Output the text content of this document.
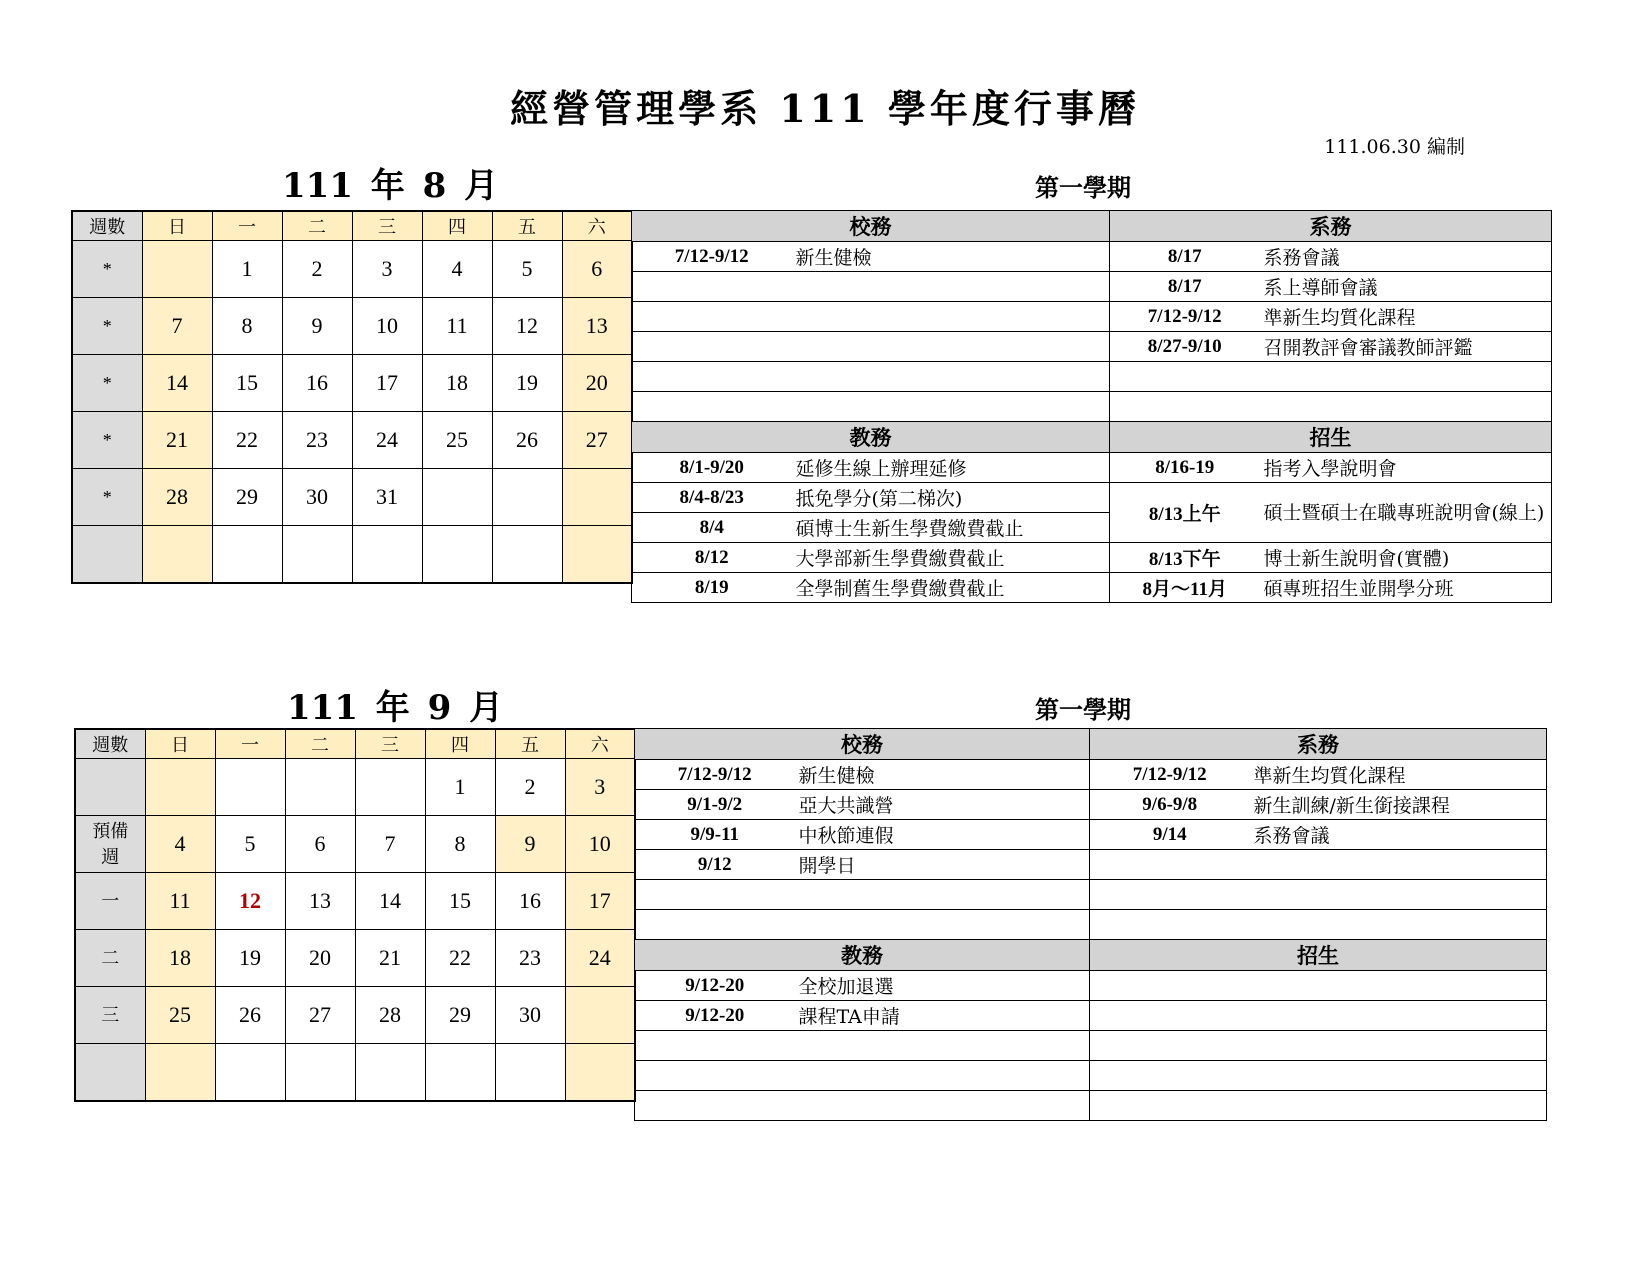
經營管理學系 111 學年度行事曆
111.06.30 編制
111 年 8 月	第一學期
週數	日	一	二	三	四	五	六
*		1	2	3	4	5	6
*	7	8	9	10	11	12	13
*	14	15	16	17	18	19	20
*	21	22	23	24	25	26	27
*	28	29	30	31			

校務		系務	
7/12-9/12	新生健檢	8/17	系務會議
		8/17	系上導師會議
		7/12-9/12	準新生均質化課程
		8/27-9/10	召開教評會審議教師評鑑

教務		招生	
8/1-9/20	延修生線上辦理延修	8/16-19	指考入學說明會
8/4-8/23	抵免學分(第二梯次)	8/13上午	碩士暨碩士在職專班說明會(線上)
8/4	碩博士生新生學費繳費截止		
8/12	大學部新生學費繳費截止	8/13下午	博士新生說明會(實體)
8/19	全學制舊生學費繳費截止	8月～11月	碩專班招生並開學分班
111 年 9 月	第一學期
週數	日	一	二	三	四	五	六
					1	2	3
預備週	4	5	6	7	8	9	10
一	11	12	13	14	15	16	17
二	18	19	20	21	22	23	24
三	25	26	27	28	29	30	

校務		系務	
7/12-9/12	新生健檢	7/12-9/12	準新生均質化課程
9/1-9/2	亞大共識營	9/6-9/8	新生訓練/新生銜接課程
9/9-11	中秋節連假	9/14	系務會議
9/12	開學日		

教務		招生	
9/12-20	全校加退選		
9/12-20	課程TA申請		
